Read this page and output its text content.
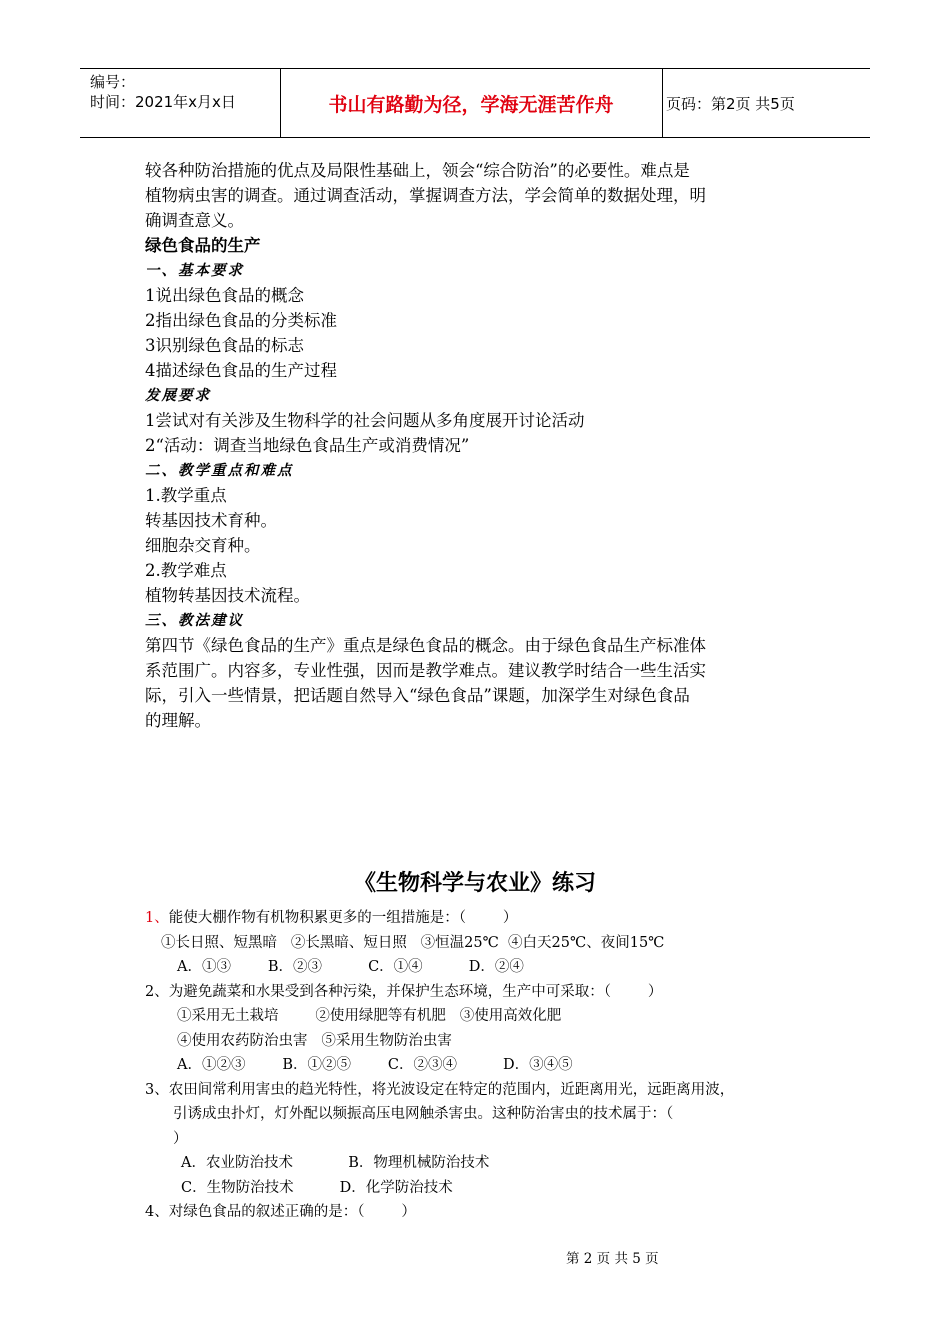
编号：
时间：2021年x月x日	书山有路勤为径，学海无涯苦作舟	页码：第2页 共5页

较各种防治措施的优点及局限性基础上，领会“综合防治”的必要性。难点是

植物病虫害的调查。通过调查活动，掌握调查方法，学会简单的数据处理，明

确调查意义。

绿色食品的生产

一、基本要求

1说出绿色食品的概念

2指出绿色食品的分类标准

3识别绿色食品的标志

4描述绿色食品的生产过程

发展要求

1尝试对有关涉及生物科学的社会问题从多角度展开讨论活动

2“活动：调查当地绿色食品生产或消费情况”

二、教学重点和难点

1.教学重点

转基因技术育种。

细胞杂交育种。

2.教学难点

植物转基因技术流程。

三、教法建议

第四节《绿色食品的生产》重点是绿色食品的概念。由于绿色食品生产标准体

系范围广。内容多，专业性强，因而是教学难点。建议教学时结合一些生活实

际，引入一些情景，把话题自然导入“绿色食品”课题，加深学生对绿色食品

的理解。

《生物科学与农业》练习

1、能使大棚作物有机物积累更多的一组措施是：（        ）

①长日照、短黑暗   ②长黑暗、短日照   ③恒温25℃  ④白天25℃、夜间15℃

A．①③        B．②③          C．①④          D．②④

2、为避免蔬菜和水果受到各种污染，并保护生态环境，生产中可采取：（        ）

①采用无土栽培        ②使用绿肥等有机肥   ③使用高效化肥

④使用农药防治虫害   ⑤采用生物防治虫害

A．①②③        B．①②⑤        C．②③④          D．③④⑤

3、农田间常利用害虫的趋光特性，将光波设定在特定的范围内，近距离用光，远距离用波，

引诱成虫扑灯，灯外配以频振高压电网触杀害虫。这种防治害虫的技术属于：（

）

A．农业防治技术            B．物理机械防治技术

C．生物防治技术          D．化学防治技术

4、对绿色食品的叙述正确的是：（        ）

第 2 页 共 5 页
